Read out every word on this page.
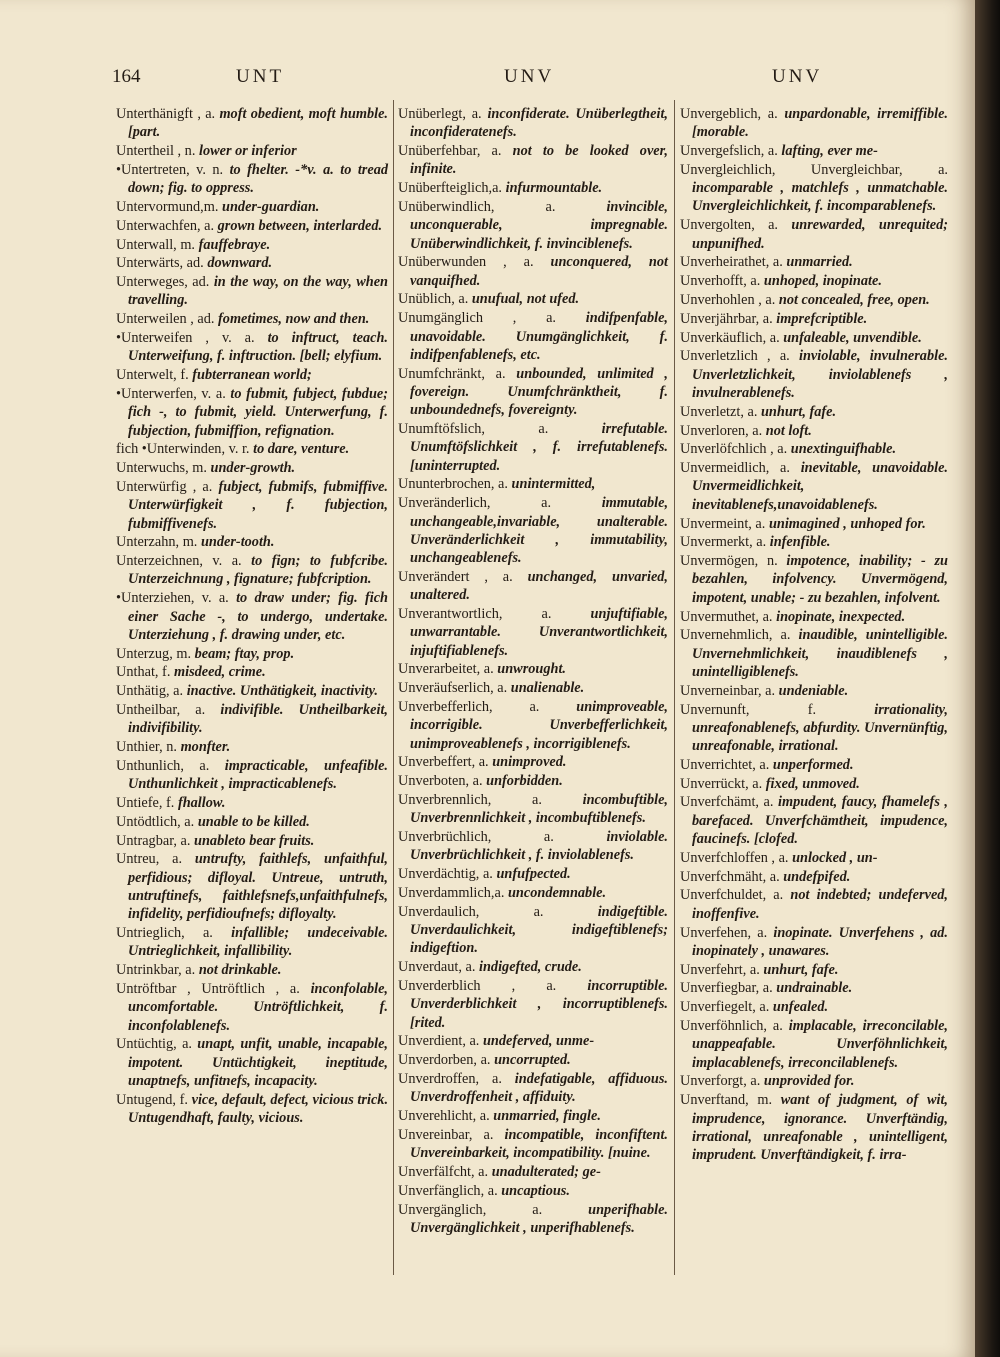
164	UNT	UNV	UNV

Unterthänigft , a. moft obedient, moft humble. [part.

Untertheil , n. lower or inferior

•Untertreten, v. n. to fhelter. -*v. a. to tread down; fig. to oppress.

Untervormund,m. under-guardian.

Unterwachfen, a. grown between, interlarded.

Unterwall, m. fauffebraye.

Unterwärts, ad. downward.

Unterweges, ad. in the way, on the way, when travelling.

Unterweilen , ad. fometimes, now and then.

•Unterweifen , v. a. to inftruct, teach. Unterweifung, f. inftruction. [bell; elyfium.

Unterwelt, f. fubterranean world;

•Unterwerfen, v. a. to fubmit, fubject, fubdue; fich -, to fubmit, yield. Unterwerfung, f. fubjection, fubmiffion, refignation.

fich •Unterwinden, v. r. to dare, venture.

Unterwuchs, m. under-growth.

Unterwürfig , a. fubject, fubmifs, fubmiffive. Unterwürfigkeit , f. fubjection, fubmiffivenefs.

Unterzahn, m. under-tooth.

Unterzeichnen, v. a. to fign; to fubfcribe. Unterzeichnung , fignature; fubfcription.

•Unterziehen, v. a. to draw under; fig. fich einer Sache -, to undergo, undertake. Unterziehung , f. drawing under, etc.

Unterzug, m. beam; ftay, prop.

Unthat, f. misdeed, crime.

Unthätig, a. inactive. Unthätigkeit, inactivity.

Untheilbar, a. indivifible. Untheilbarkeit, indivifibility.

Unthier, n. monfter.

Unthunlich, a. impracticable, unfeafible. Unthunlichkeit , impracticablenefs.

Untiefe, f. fhallow.

Untödtlich, a. unable to be killed.

Untragbar, a. unableto bear fruits.

Untreu, a. untrufty, faithlefs, unfaithful, perfidious; difloyal. Untreue, untruth, untruftinefs, faithlefsnefs,unfaithfulnefs, infidelity, perfidioufnefs; difloyalty.

Untrieglich, a. infallible; undeceivable. Untrieglichkeit, infallibility.

Untrinkbar, a. not drinkable.

Untröftbar , Untröftlich , a. inconfolable, uncomfortable. Untröftlichkeit, f. inconfolablenefs.

Untüchtig, a. unapt, unfit, unable, incapable, impotent. Untüchtigkeit, ineptitude, unaptnefs, unfitnefs, incapacity.

Untugend, f. vice, default, defect, vicious trick. Untugendhaft, faulty, vicious.

Unüberlegt, a. inconfiderate. Unüberlegtheit, inconfideratenefs.

Unüberfehbar, a. not to be looked over, infinite.

Unüberfteiglich,a. infurmountable.

Unüberwindlich, a.	invincible, unconquerable, impregnable. Unüberwindlichkeit, f. invinciblenefs.

Unüberwunden , a. unconquered, not vanquifhed.

Unüblich, a. unufual, not ufed.

Unumgänglich , a. indifpenfable, unavoidable. Unumgänglichkeit, f. indifpenfablenefs, etc.

Unumfchränkt, a. unbounded, unlimited , fovereign. Unumfchränktheit, f. unboundednefs, fovereignty.

Unumftöfslich, a.	irrefutable. Unumftöfslichkeit , f. irrefutablenefs. [uninterrupted.

Ununterbrochen, a. unintermitted,

Unveränderlich, a.	immutable, unchangeable,invariable, unalterable. Unveränderlichkeit , immutability, unchangeablenefs.

Unverändert , a. unchanged, unvaried, unaltered.

Unverantwortlich, a.	unjuftifiable, unwarrantable. Unverantwortlichkeit, injuftifiablenefs.

Unverarbeitet, a. unwrought.

Unveräufserlich, a. unalienable.

Unverbefferlich, a.	unimproveable, incorrigible. Unverbefferlichkeit, unimproveablenefs , incorrigiblenefs.

Unverbeffert, a. unimproved.

Unverboten, a. unforbidden.

Unverbrennlich, a.	incombuftible, Unverbrennlichkeit , incombuftiblenefs.

Unverbrüchlich, a.	inviolable. Unverbrüchlichkeit , f. inviolablenefs.

Unverdächtig, a. unfufpected.

Unverdammlich,a. uncondemnable.

Unverdaulich, a.	indigeftible. Unverdaulichkeit, indigeftiblenefs; indigeftion.

Unverdaut, a. indigefted, crude.

Unverderblich , a. incorruptible. Unverderblichkeit , incorruptiblenefs. [rited.

Unverdient, a. undeferved, unme-

Unverdorben, a. uncorrupted.

Unverdroffen, a. indefatigable, affiduous. Unverdroffenheit , affiduity.

Unverehlicht, a. unmarried, fingle.

Unvereinbar, a. incompatible, inconfiftent. Unvereinbarkeit, incompatibility. [nuine.

Unverfälfcht, a. unadulterated; ge-

Unverfänglich, a. uncaptious.

Unvergänglich, a.	unperifhable. Unvergänglichkeit , unperifhablenefs.

Unvergeblich, a. unpardonable, irremiffible. [morable.

Unvergefslich, a. lafting, ever me-

Unvergleichlich, Unvergleichbar, a. incomparable , matchlefs , unmatchable. Unvergleichlichkeit, f. incomparablenefs.

Unvergolten, a. unrewarded, unrequited; unpunifhed.

Unverheirathet, a. unmarried.

Unverhofft, a. unhoped, inopinate.

Unverhohlen , a. not concealed, free, open.

Unverjährbar, a. imprefcriptible.

Unverkäuflich, a. unfaleable, unvendible.

Unverletzlich , a. inviolable, invulnerable. Unverletzlichkeit, inviolablenefs , invulnerablenefs.

Unverletzt, a. unhurt, fafe.

Unverloren, a. not loft.

Unverlöfchlich , a. unextinguifhable.

Unvermeidlich, a. inevitable, unavoidable. Unvermeidlichkeit, inevitablenefs,unavoidablenefs.

Unvermeint, a. unimagined , unhoped for.

Unvermerkt, a. infenfible.

Unvermögen, n. impotence, inability; - zu bezahlen, infolvency. Unvermögend, impotent, unable; - zu bezahlen, infolvent.

Unvermuthet, a. inopinate, inexpected.

Unvernehmlich, a. inaudible, unintelligible. Unvernehmlichkeit, inaudiblenefs , unintelligiblenefs.

Unverneinbar, a. undeniable.

Unvernunft, f.	irrationality, unreafonablenefs, abfurdity. Unvernünftig, unreafonable, irrational.

Unverrichtet, a. unperformed.

Unverrückt, a. fixed, unmoved.

Unverfchämt, a. impudent, faucy, fhamelefs , barefaced. Unverfchämtheit, impudence, faucinefs. [clofed.

Unverfchloffen , a. unlocked , un-

Unverfchmäht, a. undefpifed.

Unverfchuldet, a. not indebted; undeferved, inoffenfive.

Unverfehen, a. inopinate. Unverfehens , ad. inopinately , unawares.

Unverfehrt, a. unhurt, fafe.

Unverfiegbar, a. undrainable.

Unverfiegelt, a. unfealed.

Unverföhnlich, a. implacable, irreconcilable, unappeafable. Unverföhnlichkeit, implacablenefs, irreconcilablenefs.

Unverforgt, a. unprovided for.

Unverftand, m. want of judgment, of wit, imprudence, ignorance. Unverftändig, irrational, unreafonable , unintelligent, imprudent. Unverftändigkeit, f. irra-
